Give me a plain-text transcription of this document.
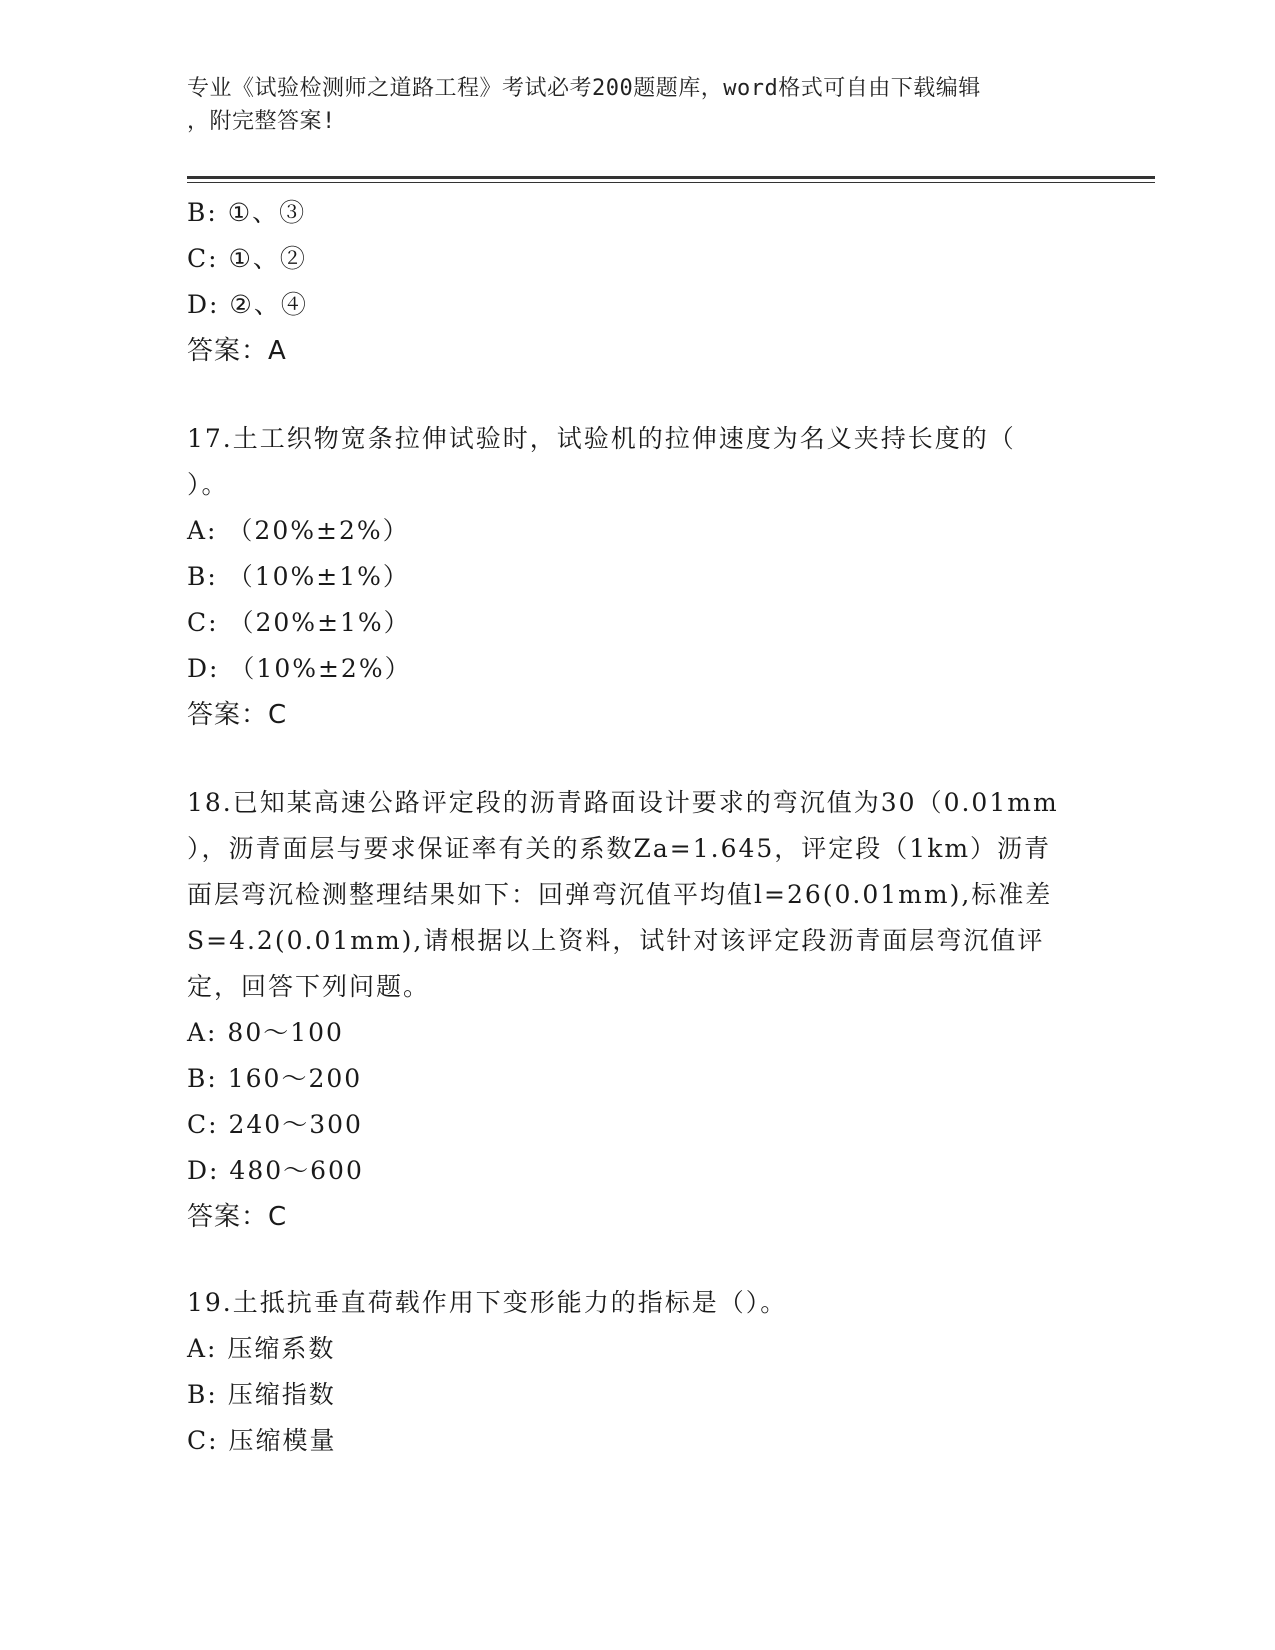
专业《试验检测师之道路工程》考试必考200题题库，word格式可自由下载编辑
，附完整答案!
B: ①、③
C: ①、②
D: ②、④
答案：A
17.土工织物宽条拉伸试验时，试验机的拉伸速度为名义夹持长度的（
）。
A: （20%±2%）
B: （10%±1%）
C: （20%±1%）
D: （10%±2%）
答案：C
18.已知某高速公路评定段的沥青路面设计要求的弯沉值为30（0.01mm
），沥青面层与要求保证率有关的系数Za=1.645，评定段（1km）沥青
面层弯沉检测整理结果如下：回弹弯沉值平均值l=26(0.01mm),标准差
S=4.2(0.01mm),请根据以上资料，试针对该评定段沥青面层弯沉值评
定，回答下列问题。
A: 80～100
B: 160～200
C: 240～300
D: 480～600
答案：C
19.土抵抗垂直荷载作用下变形能力的指标是（）。
A: 压缩系数
B: 压缩指数
C: 压缩模量
